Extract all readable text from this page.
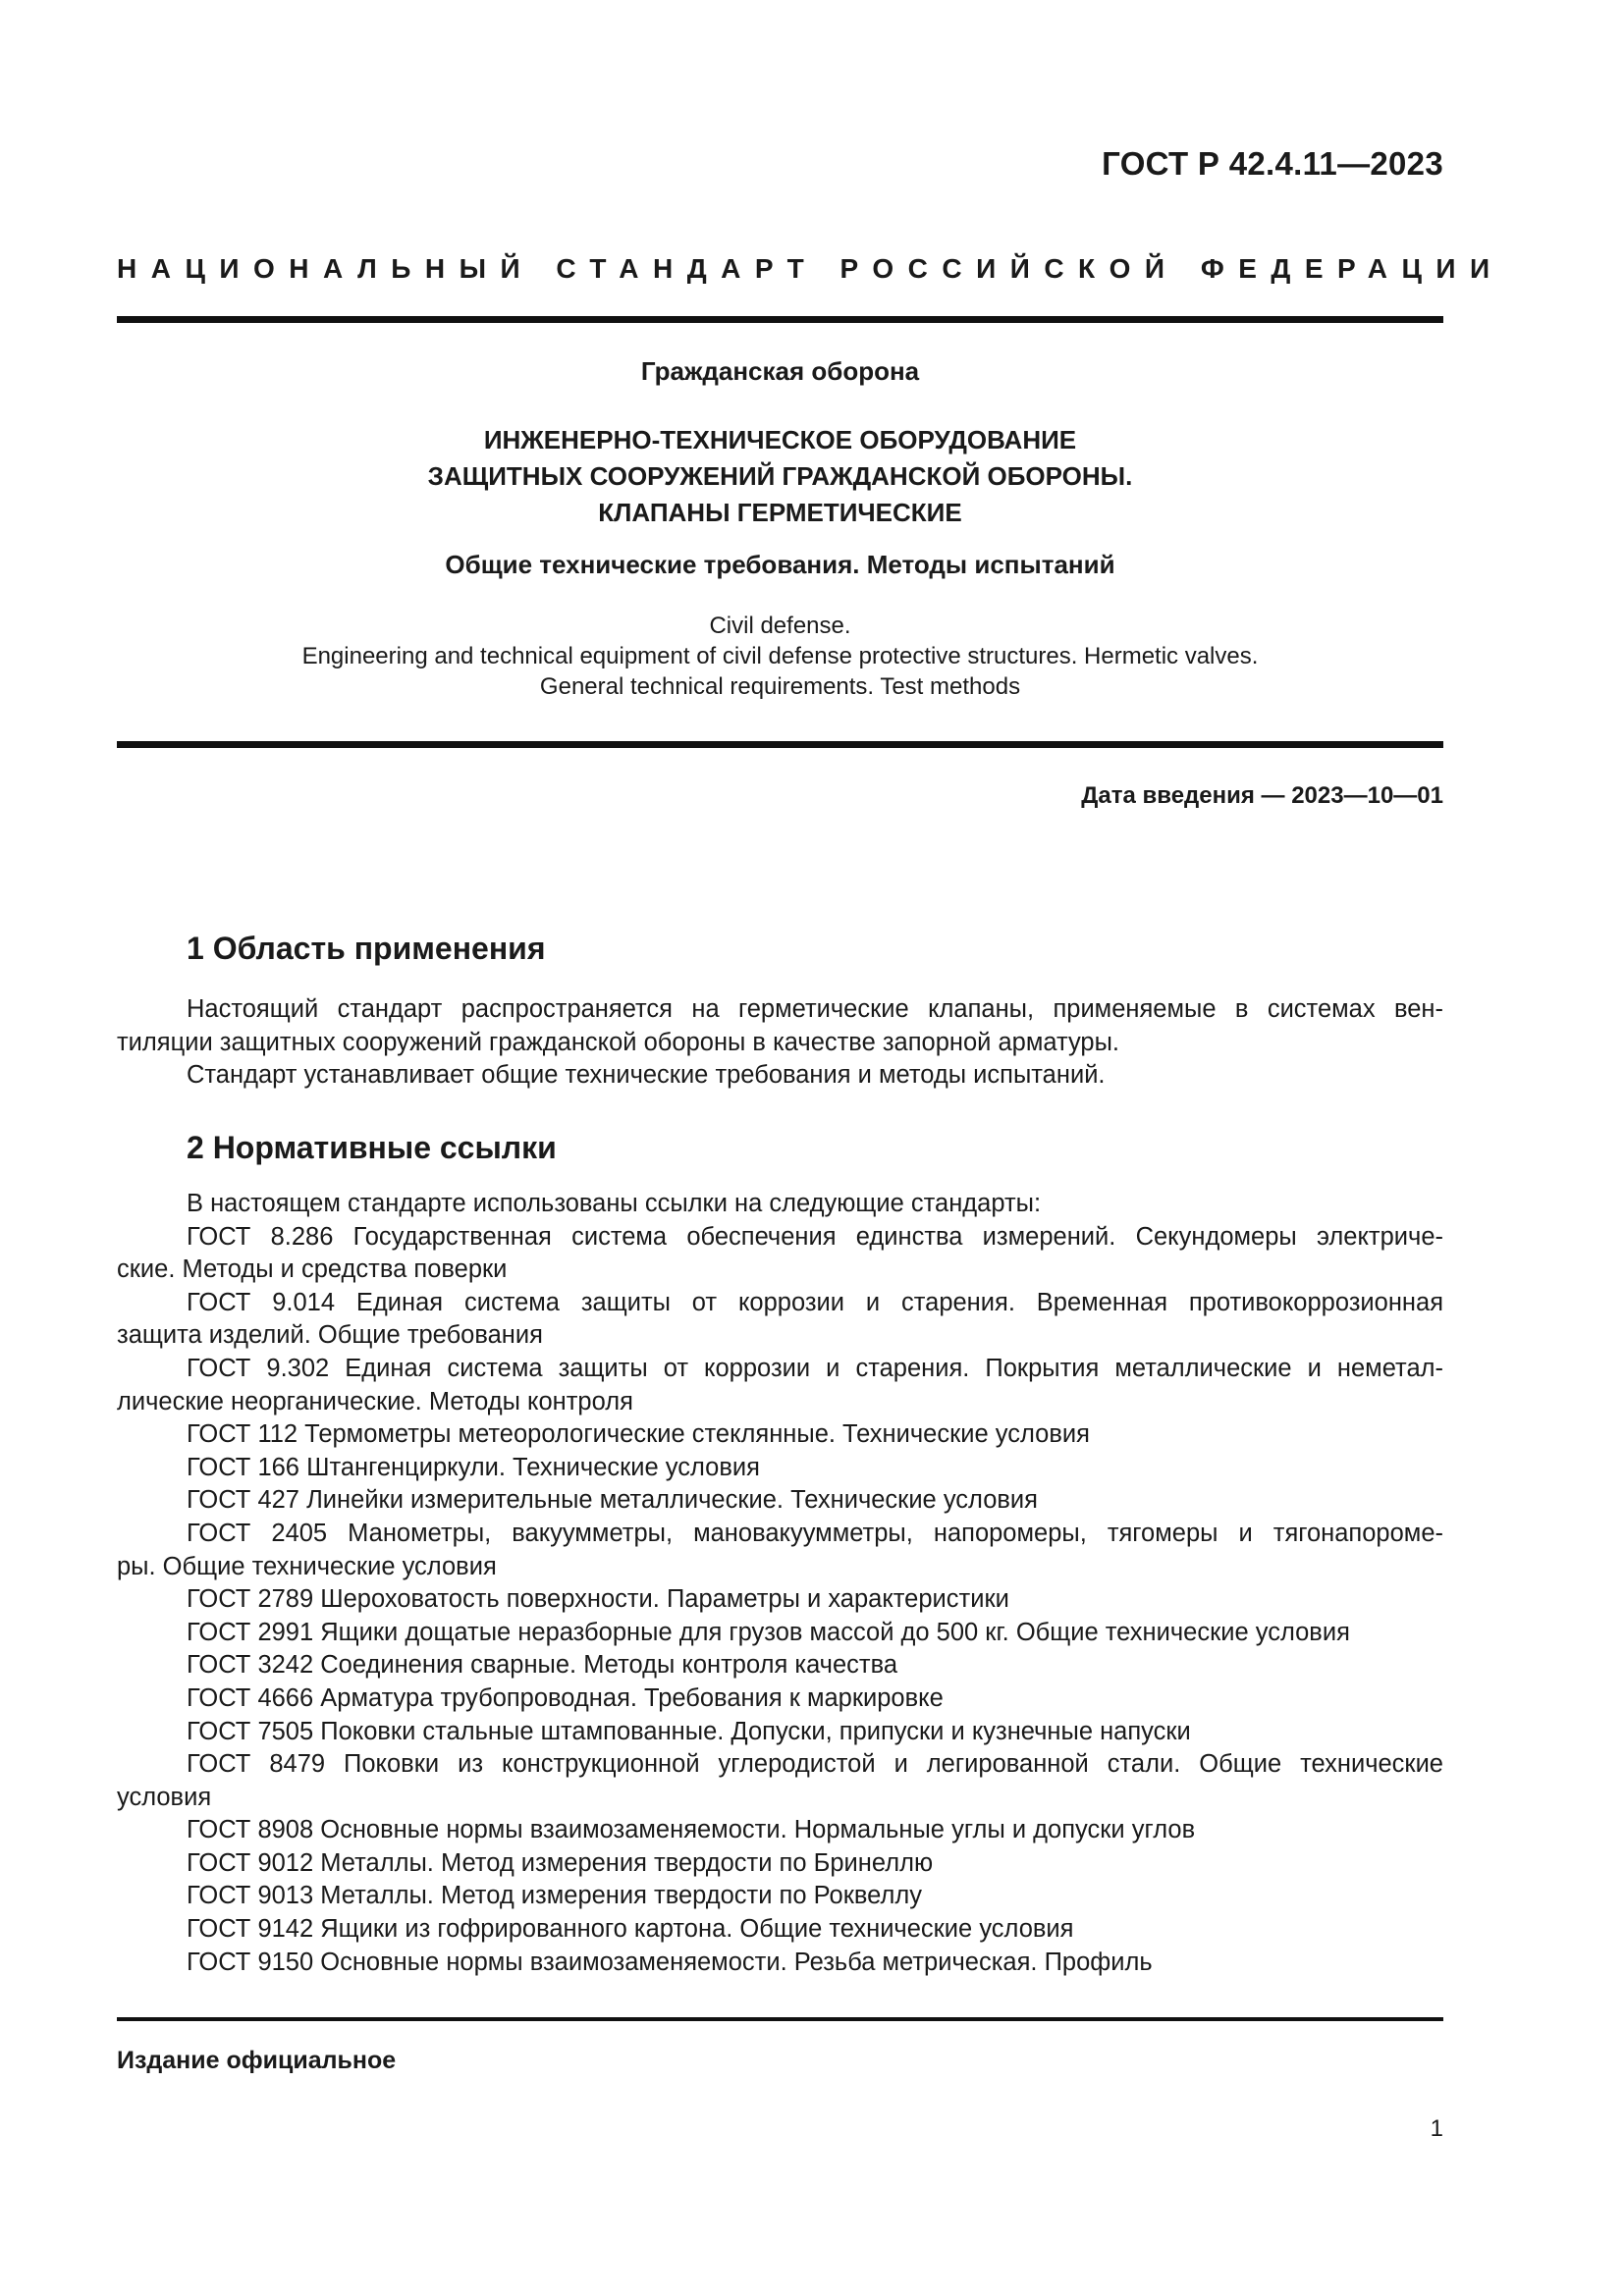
ГОСТ Р 42.4.11—2023
НАЦИОНАЛЬНЫЙ СТАНДАРТ РОССИЙСКОЙ ФЕДЕРАЦИИ
Гражданская оборона
ИНЖЕНЕРНО-ТЕХНИЧЕСКОЕ ОБОРУДОВАНИЕ
ЗАЩИТНЫХ СООРУЖЕНИЙ ГРАЖДАНСКОЙ ОБОРОНЫ.
КЛАПАНЫ ГЕРМЕТИЧЕСКИЕ
Общие технические требования. Методы испытаний
Civil defense.
Engineering and technical equipment of civil defense protective structures. Hermetic valves.
General technical requirements. Test methods
Дата введения — 2023—10—01
1 Область применения
Настоящий стандарт распространяется на герметические клапаны, применяемые в системах вен-
тиляции защитных сооружений гражданской обороны в качестве запорной арматуры.
Стандарт устанавливает общие технические требования и методы испытаний.
2 Нормативные ссылки
В настоящем стандарте использованы ссылки на следующие стандарты:
ГОСТ 8.286 Государственная система обеспечения единства измерений. Секундомеры электриче-
ские. Методы и средства поверки
ГОСТ 9.014 Единая система защиты от коррозии и старения. Временная противокоррозионная
защита изделий. Общие требования
ГОСТ 9.302 Единая система защиты от коррозии и старения. Покрытия металлические и неметал-
лические неорганические. Методы контроля
ГОСТ 112 Термометры метеорологические стеклянные. Технические условия
ГОСТ 166 Штангенциркули. Технические условия
ГОСТ 427 Линейки измерительные металлические. Технические условия
ГОСТ 2405 Манометры, вакуумметры, мановакуумметры, напоромеры, тягомеры и тягонапороме-
ры. Общие технические условия
ГОСТ 2789 Шероховатость поверхности. Параметры и характеристики
ГОСТ 2991 Ящики дощатые неразборные для грузов массой до 500 кг. Общие технические условия
ГОСТ 3242 Соединения сварные. Методы контроля качества
ГОСТ 4666 Арматура трубопроводная. Требования к маркировке
ГОСТ 7505 Поковки стальные штампованные. Допуски, припуски и кузнечные напуски
ГОСТ 8479 Поковки из конструкционной углеродистой и легированной стали. Общие технические
условия
ГОСТ 8908 Основные нормы взаимозаменяемости. Нормальные углы и допуски углов
ГОСТ 9012 Металлы. Метод измерения твердости по Бринеллю
ГОСТ 9013 Металлы. Метод измерения твердости по Роквеллу
ГОСТ 9142 Ящики из гофрированного картона. Общие технические условия
ГОСТ 9150 Основные нормы взаимозаменяемости. Резьба метрическая. Профиль
Издание официальное
1
